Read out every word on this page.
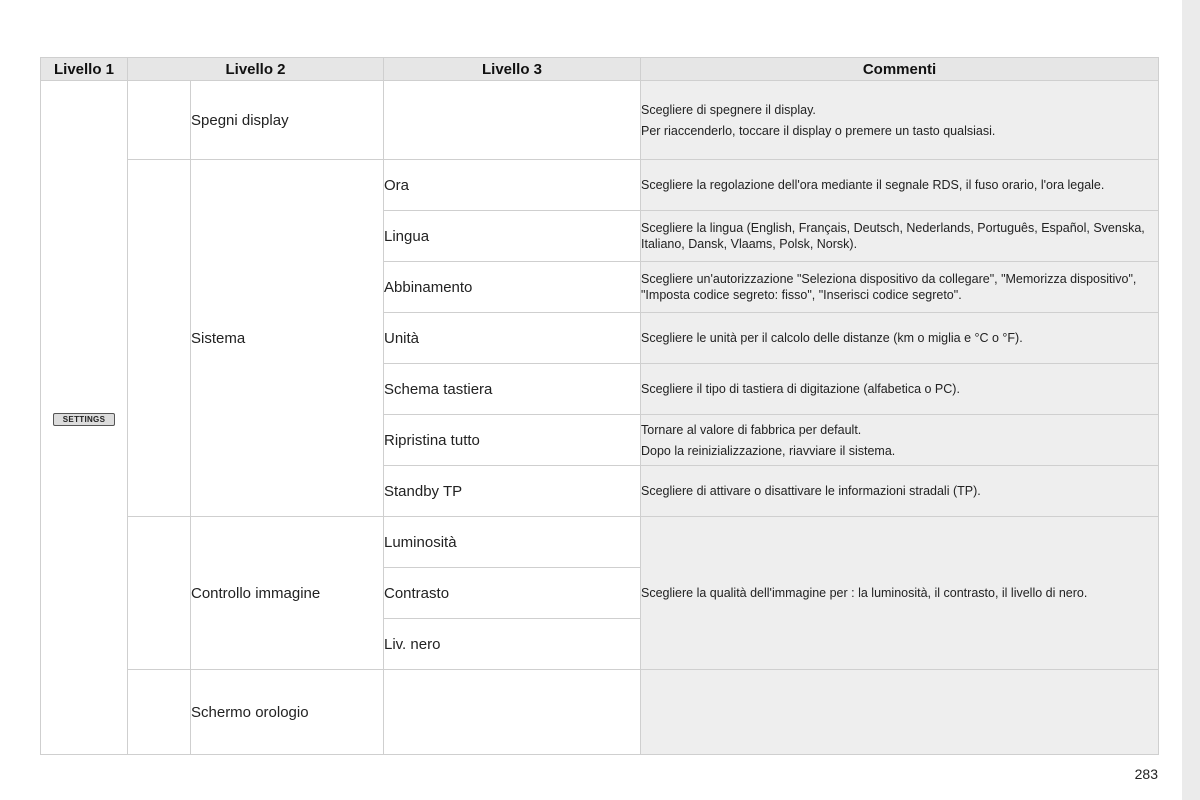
Livello 1	Livello 2		Livello 3	Commenti
SETTINGS		Spegni display		Scegliere di spegnere il display.

Per riaccenderlo, toccare il display o premere un tasto qualsiasi.

		Sistema	Ora	Scegliere la regolazione dell'ora mediante il segnale RDS, il fuso orario, l'ora legale.

			Lingua	Scegliere la lingua (English, Français, Deutsch, Nederlands, Português, Español, Svenska, Italiano, Dansk, Vlaams, Polsk, Norsk).

			Abbinamento	Scegliere un'autorizzazione "Seleziona dispositivo da collegare", "Memorizza dispositivo", "Imposta codice segreto: fisso", "Inserisci codice segreto".

			Unità	Scegliere le unità per il calcolo delle distanze (km o miglia e °C o °F).

			Schema tastiera	Scegliere il tipo di tastiera di digitazione (alfabetica o PC).

			Ripristina tutto	Tornare al valore di fabbrica per default.

Dopo la reinizializzazione, riavviare il sistema.

			Standby TP	Scegliere di attivare o disattivare le informazioni stradali (TP).

		Controllo immagine	Luminosità	Scegliere la qualità dell'immagine per : la luminosità, il contrasto, il livello di nero.

			Contrasto	
			Liv. nero	
		Schermo orologio		

283
